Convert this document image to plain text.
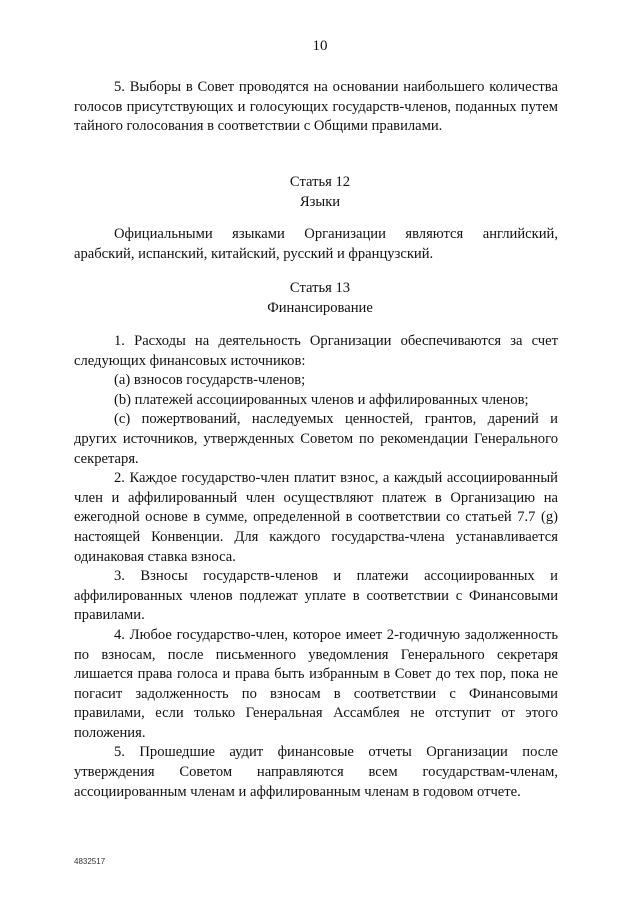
10

5. Выборы в Совет проводятся на основании наибольшего количества голосов присутствующих и голосующих государств-членов, поданных путем тайного голосования в соответствии с Общими правилами.

Статья 12
Языки

Официальными языками Организации являются английский, арабский, испанский, китайский, русский и французский.

Статья 13
Финансирование

1. Расходы на деятельность Организации обеспечиваются за счет следующих финансовых источников:

(a) взносов государств-членов;

(b) платежей ассоциированных членов и аффилированных членов;

(c) пожертвований, наследуемых ценностей, грантов, дарений и других источников, утвержденных Советом по рекомендации Генерального секретаря.

2. Каждое государство-член платит взнос, а каждый ассоциированный член и аффилированный член осуществляют платеж в Организацию на ежегодной основе в сумме, определенной в соответствии со статьей 7.7 (g) настоящей Конвенции. Для каждого государства-члена устанавливается одинаковая ставка взноса.

3. Взносы государств-членов и платежи ассоциированных и аффилированных членов подлежат уплате в соответствии с Финансовыми правилами.

4. Любое государство-член, которое имеет 2-годичную задолженность по взносам, после письменного уведомления Генерального секретаря лишается права голоса и права быть избранным в Совет до тех пор, пока не погасит задолженность по взносам в соответствии с Финансовыми правилами, если только Генеральная Ассамблея не отступит от этого положения.

5. Прошедшие аудит финансовые отчеты Организации после утверждения Советом направляются всем государствам-членам, ассоциированным членам и аффилированным членам в годовом отчете.

4832517
